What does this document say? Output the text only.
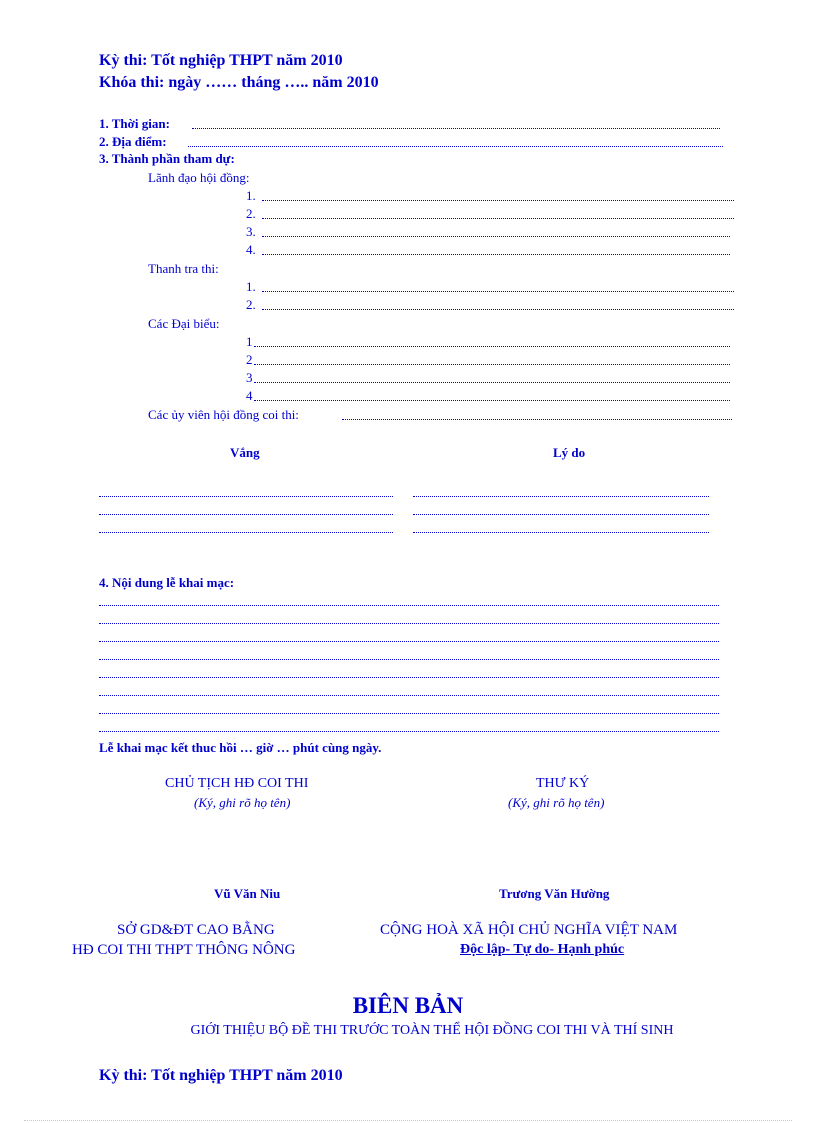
Kỳ thi: Tốt nghiệp THPT năm 2010
Khóa thi: ngày …… tháng ….. năm 2010
1. Thời gian:
2. Địa điểm:
3. Thành phần tham dự:
Lãnh đạo hội đồng:
1.
2.
3.
4.
Thanh tra thi:
1.
2.
Các Đại biểu:
1
2
3
4
Các ủy viên hội đồng coi thi:
Vắng	Lý do
4. Nội dung lễ khai mạc:
Lễ khai mạc kết thuc hồi … giờ … phút cùng ngày.
CHỦ TỊCH HĐ COI THI
(Ký, ghi rõ họ tên)
THƯ KÝ
(Ký, ghi rõ họ tên)
Vũ Văn Niu	Trương Văn Hường
SỞ GD&ĐT CAO BẰNG
HĐ COI THI THPT THÔNG NÔNG
CỘNG HOÀ XÃ HỘI CHỦ NGHĨA VIỆT NAM
Độc lập- Tự do- Hạnh phúc
BIÊN BẢN
GIỚI THIỆU BỘ ĐỀ THI TRƯỚC TOÀN THỂ HỘI ĐỒNG COI THI VÀ THÍ SINH
Kỳ thi: Tốt nghiệp THPT năm 2010
